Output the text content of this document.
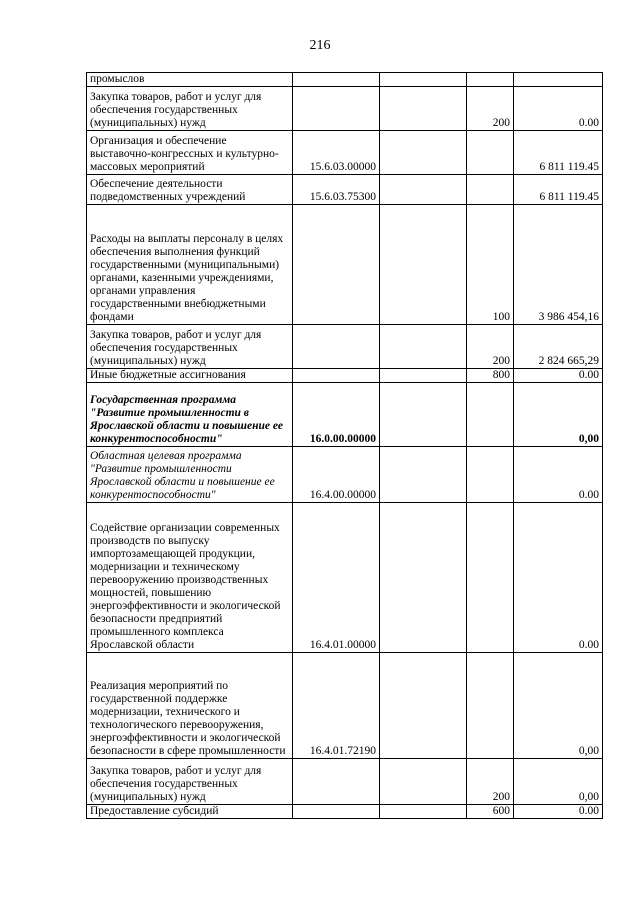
216
промыслов				
Закупка товаров, работ и услуг для обеспечения государственных (муниципальных) нужд			200	0.00
Организация и обеспечение выставочно-конгрессных и культурно-массовых мероприятий	15.6.03.00000			6 811 119.45
Обеспечение деятельности подведомственных учреждений	15.6.03.75300			6 811 119.45
Расходы на выплаты персоналу в целях обеспечения выполнения функций государственными (муниципальными) органами, казенными учреждениями, органами управления государственными внебюджетными фондами			100	3 986 454,16
Закупка товаров, работ и услуг для обеспечения государственных (муниципальных) нужд			200	2 824 665,29
Иные бюджетные ассигнования			800	0.00
Государственная программа "Развитие промышленности в Ярославской области и повышение ее конкурентоспособности"	16.0.00.00000			0,00
Областная целевая программа "Развитие промышленности Ярославской области и повышение ее конкурентоспособности"	16.4.00.00000			0.00
Содействие организации современных производств по выпуску импортозамещающей продукции, модернизации и техническому перевооружению производственных мощностей, повышению энергоэффективности и экологической безопасности предприятий промышленного комплекса Ярославской области	16.4.01.00000			0.00
Реализация мероприятий по государственной поддержке модернизации, технического и технологического перевооружения, энергоэффективности и экологической безопасности в сфере промышленности	16.4.01.72190			0,00
Закупка товаров, работ и услуг для обеспечения государственных (муниципальных) нужд			200	0,00
Предоставление субсидий			600	0.00
